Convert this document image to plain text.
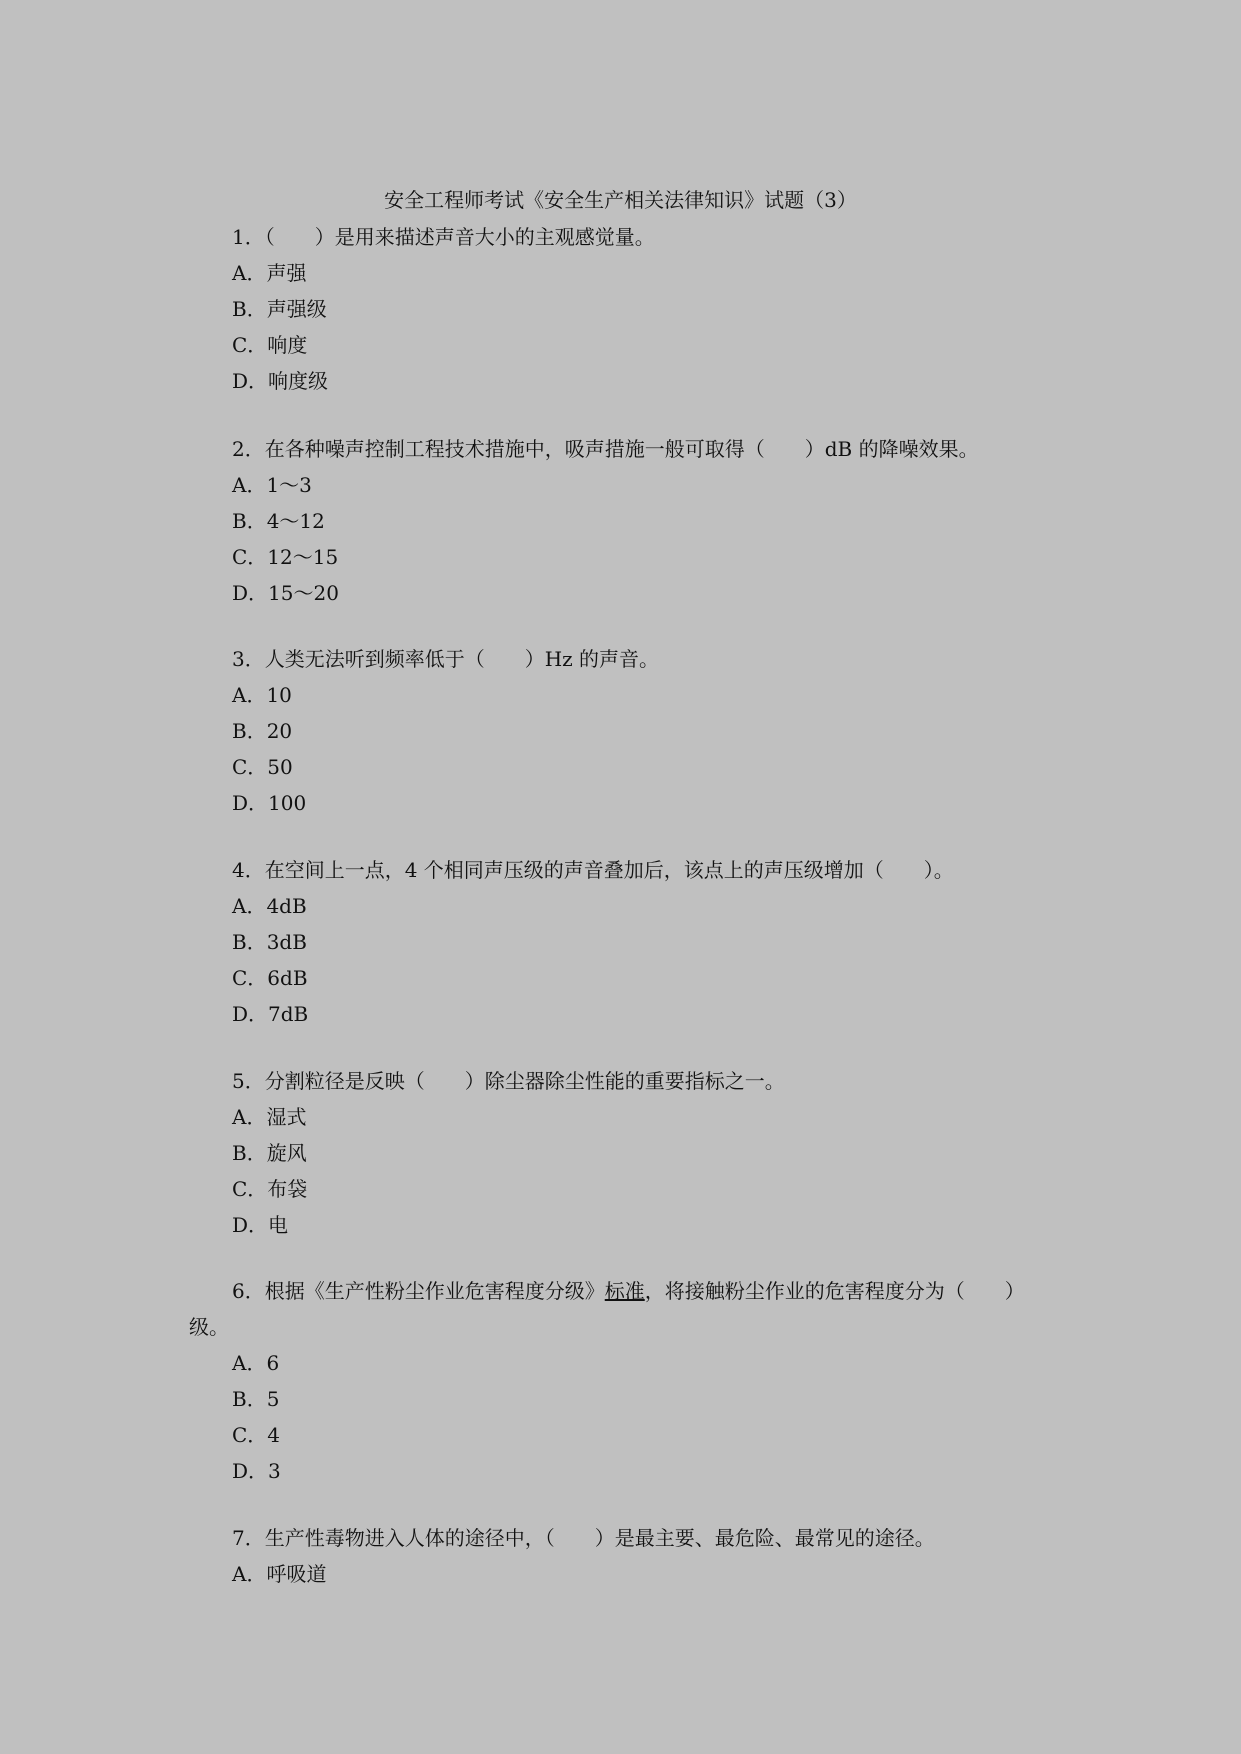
安全工程师考试《安全生产相关法律知识》试题（3）
1．（　　）是用来描述声音大小的主观感觉量。
A．声强
B．声强级
C．响度
D．响度级
2．在各种噪声控制工程技术措施中，吸声措施一般可取得（　　）dB 的降噪效果。
A．1～3
B．4～12
C．12～15
D．15～20
3．人类无法听到频率低于（　　）Hz 的声音。
A．10
B．20
C．50
D．100
4．在空间上一点，4 个相同声压级的声音叠加后，该点上的声压级增加（　　）。
A．4dB
B．3dB
C．6dB
D．7dB
5．分割粒径是反映（　　）除尘器除尘性能的重要指标之一。
A．湿式
B．旋风
C．布袋
D．电
6．根据《生产性粉尘作业危害程度分级》标准，将接触粉尘作业的危害程度分为（　　）
级。
A．6
B．5
C．4
D．3
7．生产性毒物进入人体的途径中，（　　）是最主要、最危险、最常见的途径。
A．呼吸道
